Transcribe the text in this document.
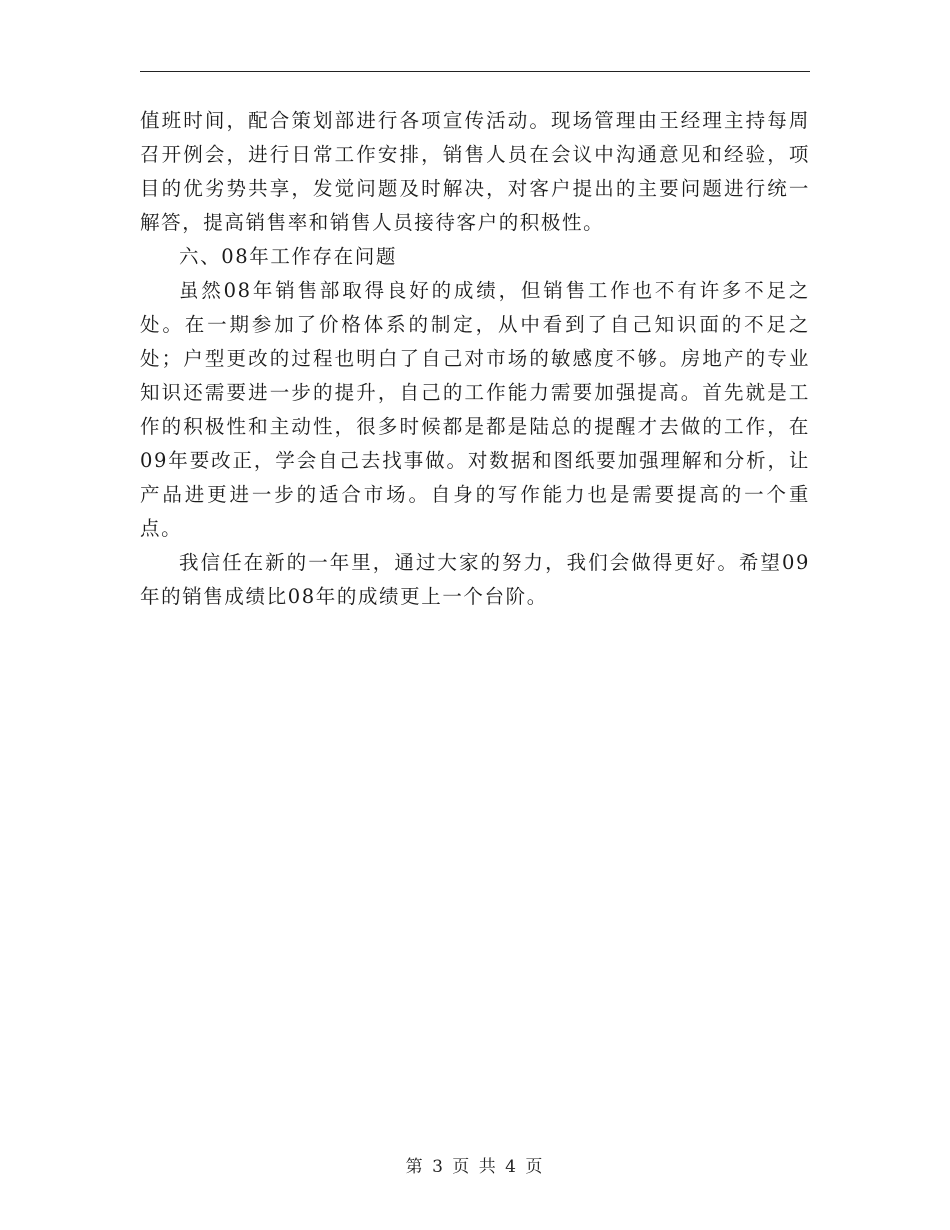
值班时间，配合策划部进行各项宣传活动。现场管理由王经理主持每周召开例会，进行日常工作安排，销售人员在会议中沟通意见和经验，项目的优劣势共享，发觉问题及时解决，对客户提出的主要问题进行统一解答，提高销售率和销售人员接待客户的积极性。

六、08年工作存在问题

虽然08年销售部取得良好的成绩，但销售工作也不有许多不足之处。在一期参加了价格体系的制定，从中看到了自己知识面的不足之处；户型更改的过程也明白了自己对市场的敏感度不够。房地产的专业知识还需要进一步的提升，自己的工作能力需要加强提高。首先就是工作的积极性和主动性，很多时候都是都是陆总的提醒才去做的工作，在09年要改正，学会自己去找事做。对数据和图纸要加强理解和分析，让产品进更进一步的适合市场。自身的写作能力也是需要提高的一个重点。

我信任在新的一年里，通过大家的努力，我们会做得更好。希望09年的销售成绩比08年的成绩更上一个台阶。

第 3 页 共 4 页
